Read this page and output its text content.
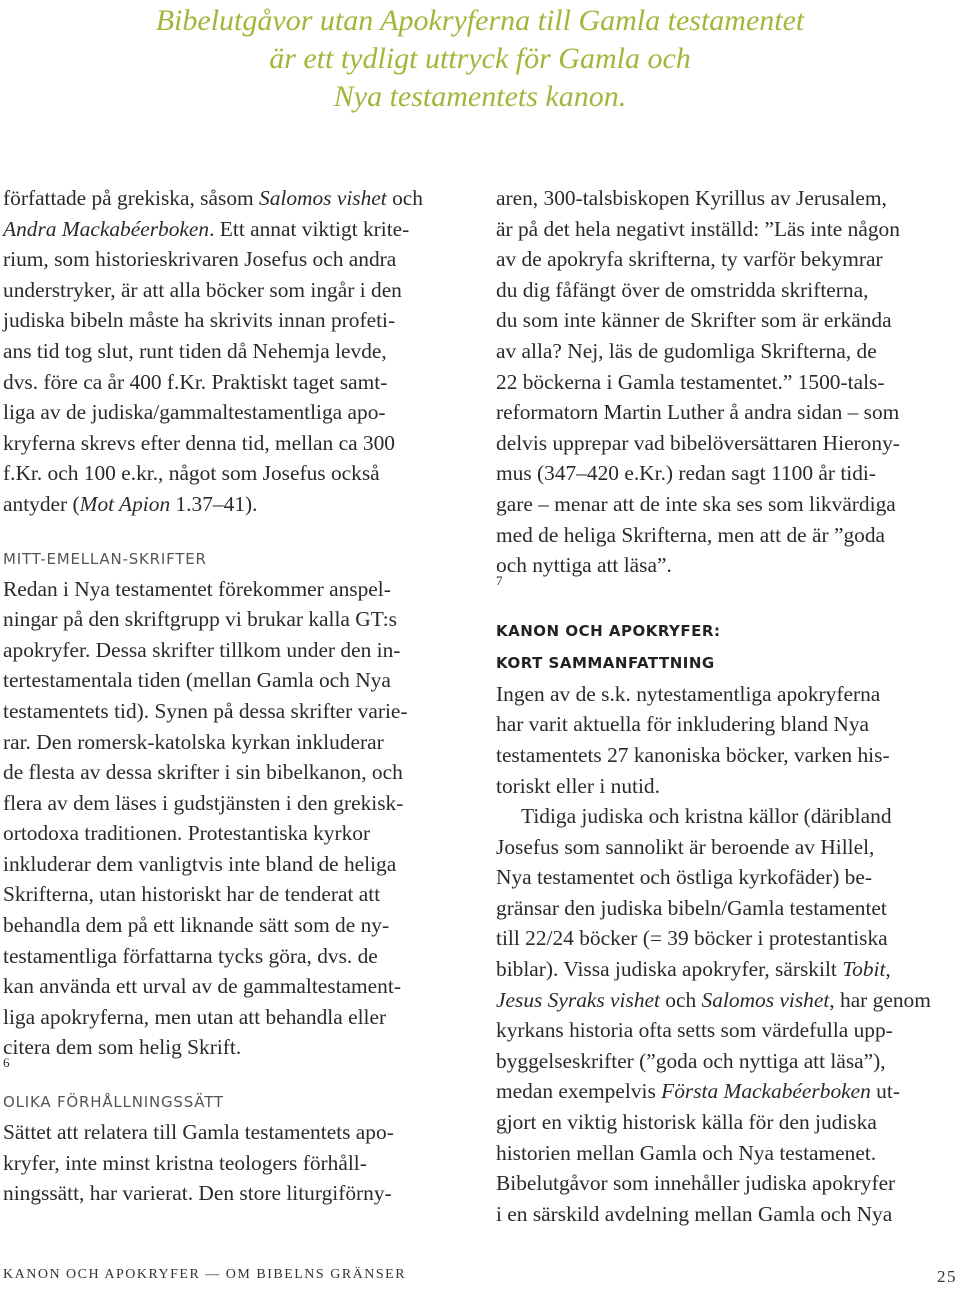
Bibelutgåvor utan Apokryferna till Gamla testamentet
är ett tydligt uttryck för Gamla och
Nya testamentets kanon.
författade på grekiska, såsom Salomos vishet och
Andra Mackabéerboken. Ett annat viktigt krite-
rium, som historieskrivaren Josefus och andra
understryker, är att alla böcker som ingår i den
judiska bibeln måste ha skrivits innan profeti-
ans tid tog slut, runt tiden då Nehemja levde,
dvs. före ca år 400 f.Kr. Praktiskt taget samt-
liga av de judiska/gammaltestamentliga apo-
kryferna skrevs efter denna tid, mellan ca 300
f.Kr. och 100 e.kr., något som Josefus också
antyder (Mot Apion 1.37–41).
MITT-EMELLAN-SKRIFTER
Redan i Nya testamentet förekommer anspel-
ningar på den skriftgrupp vi brukar kalla GT:s
apokryfer. Dessa skrifter tillkom under den in-
tertestamentala tiden (mellan Gamla och Nya
testamentets tid). Synen på dessa skrifter varie-
rar. Den romersk-katolska kyrkan inkluderar
de flesta av dessa skrifter i sin bibelkanon, och
flera av dem läses i gudstjänsten i den grekisk-
ortodoxa traditionen. Protestantiska kyrkor
inkluderar dem vanligtvis inte bland de heliga
Skrifterna, utan historiskt har de tenderat att
behandla dem på ett liknande sätt som de ny-
testamentliga författarna tycks göra, dvs. de
kan använda ett urval av de gammaltestament-
liga apokryferna, men utan att behandla eller
citera dem som helig Skrift.
6
OLIKA FÖRHÅLLNINGSSÄTT
Sättet att relatera till Gamla testamentets apo-
kryfer, inte minst kristna teologers förhåll-
ningssätt, har varierat. Den store liturgiförny-
aren, 300-talsbiskopen Kyrillus av Jerusalem,
är på det hela negativt inställd: ”Läs inte någon
av de apokryfa skrifterna, ty varför bekymrar
du dig fåfängt över de omstridda skrifterna,
du som inte känner de Skrifter som är erkända
av alla? Nej, läs de gudomliga Skrifterna, de
22 böckerna i Gamla testamentet.” 1500-tals-
reformatorn Martin Luther å andra sidan – som
delvis upprepar vad bibelöversättaren Hierony-
mus (347–420 e.Kr.) redan sagt 1100 år tidi-
gare – menar att de inte ska ses som likvärdiga
med de heliga Skrifterna, men att de är ”goda
och nyttiga att läsa”.
7
KANON OCH APOKRYFER:
KORT SAMMANFATTNING
Ingen av de s.k. nytestamentliga apokryferna
har varit aktuella för inkludering bland Nya
testamentets 27 kanoniska böcker, varken his-
toriskt eller i nutid.
Tidiga judiska och kristna källor (däribland
Josefus som sannolikt är beroende av Hillel,
Nya testamentet och östliga kyrkofäder) be-
gränsar den judiska bibeln/Gamla testamentet
till 22/24 böcker (= 39 böcker i protestantiska
biblar). Vissa judiska apokryfer, särskilt Tobit,
Jesus Syraks vishet och Salomos vishet, har genom
kyrkans historia ofta setts som värdefulla upp-
byggelseskrifter (”goda och nyttiga att läsa”),
medan exempelvis Första Mackabéerboken ut-
gjort en viktig historisk källa för den judiska
historien mellan Gamla och Nya testamenet.
Bibelutgåvor som innehåller judiska apokryfer
i en särskild avdelning mellan Gamla och Nya
KANON OCH APOKRYFER — OM BIBELNS GRÄNSER	25
